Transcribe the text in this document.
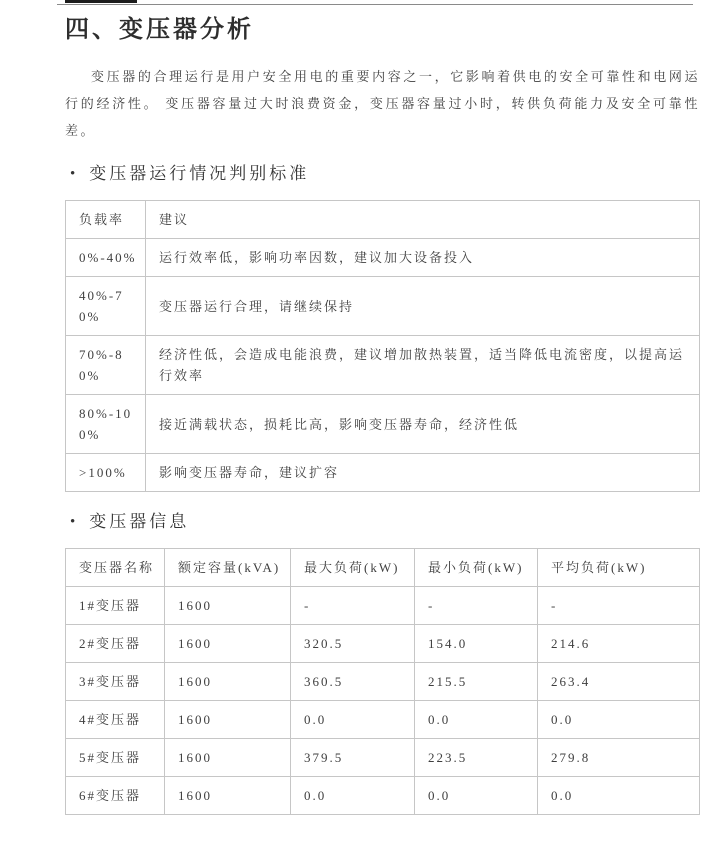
四、变压器分析

变压器的合理运行是用户安全用电的重要内容之一，它影响着供电的安全可靠性和电网运行的经济性。 变压器容量过大时浪费资金，变压器容量过小时，转供负荷能力及安全可靠性差。

• 变压器运行情况判别标准
负载率	建议
0%-40%	运行效率低，影响功率因数，建议加大设备投入
40%-70%	变压器运行合理，请继续保持
70%-80%	经济性低，会造成电能浪费，建议增加散热装置，适当降低电流密度，以提高运行效率
80%-100%	接近满载状态，损耗比高，影响变压器寿命，经济性低
>100%	影响变压器寿命，建议扩容
• 变压器信息
变压器名称	额定容量(kVA)	最大负荷(kW)	最小负荷(kW)	平均负荷(kW)
1#变压器	1600	-	-	-
2#变压器	1600	320.5	154.0	214.6
3#变压器	1600	360.5	215.5	263.4
4#变压器	1600	0.0	0.0	0.0
5#变压器	1600	379.5	223.5	279.8
6#变压器	1600	0.0	0.0	0.0
